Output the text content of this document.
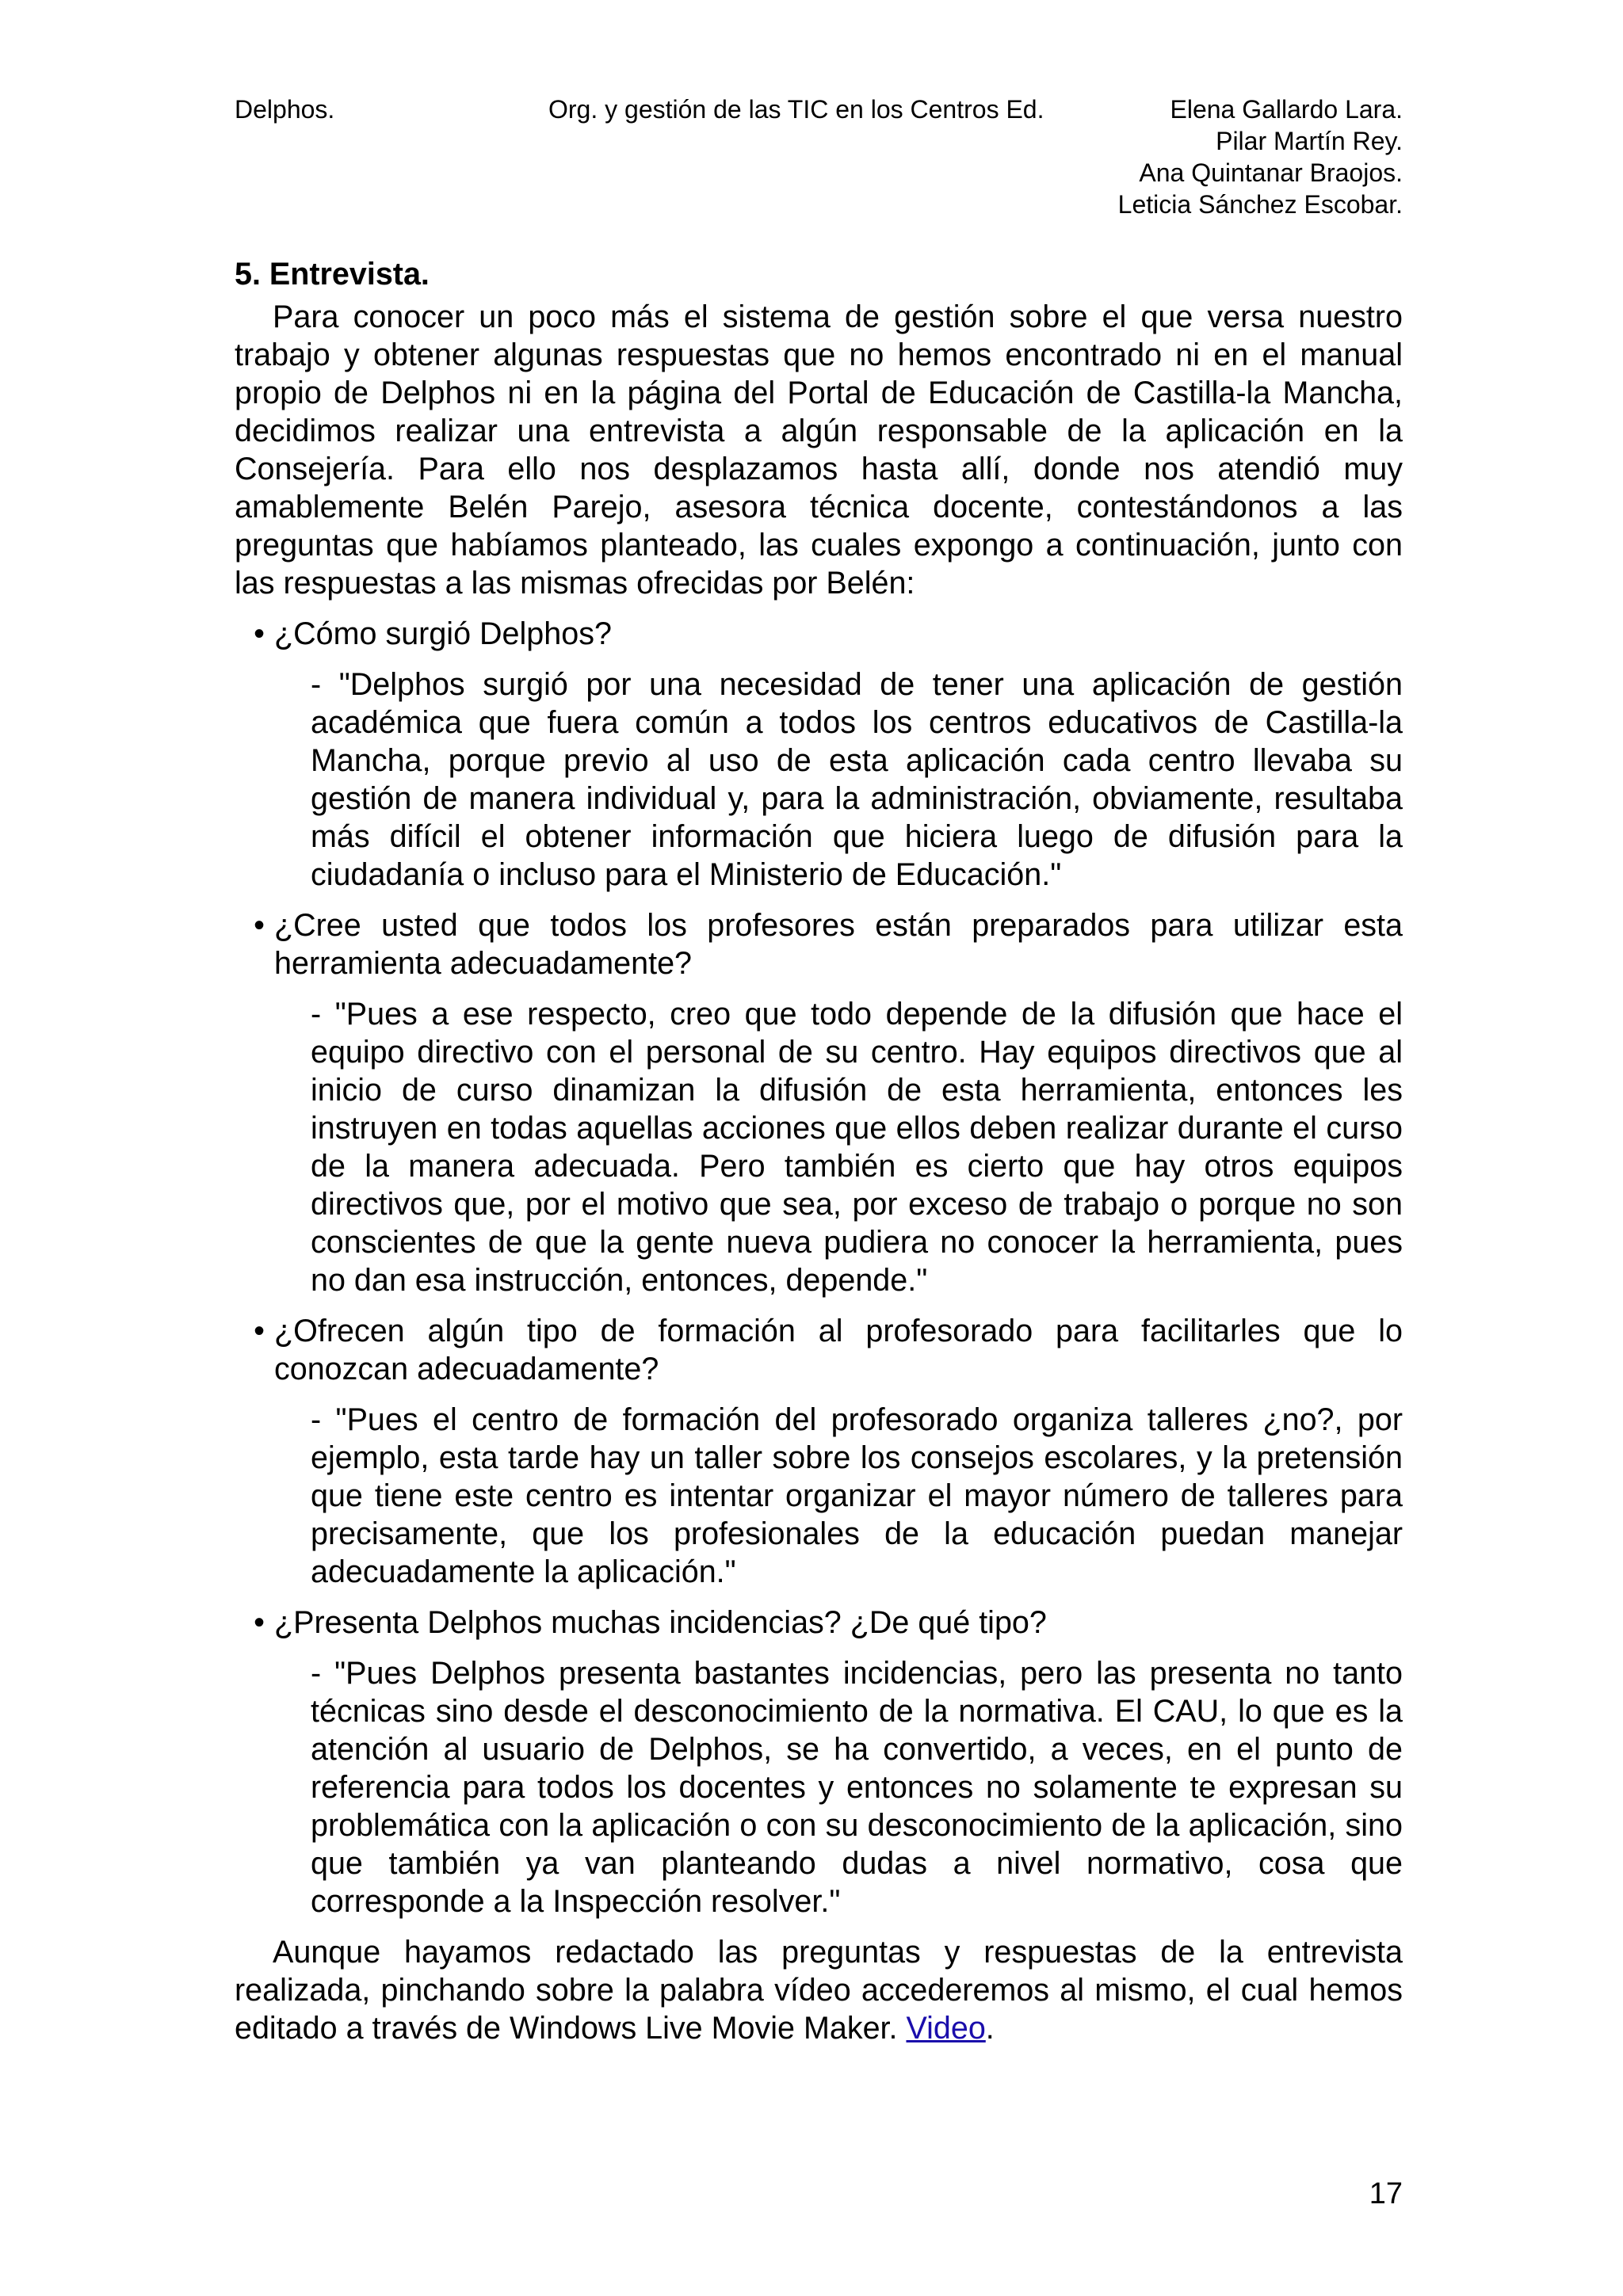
Delphos.	Org. y gestión de las TIC en los Centros Ed.	Elena Gallardo Lara.
Pilar Martín Rey.
Ana Quintanar Braojos.
Leticia Sánchez Escobar.
5. Entrevista.

Para conocer un poco más el sistema de gestión sobre el que versa nuestro trabajo y obtener algunas respuestas que no hemos encontrado ni en el manual propio de Delphos ni en la página del Portal de Educación de Castilla-la Mancha, decidimos realizar una entrevista a algún responsable de la aplicación en la Consejería. Para ello nos desplazamos hasta allí, donde nos atendió muy amablemente Belén Parejo, asesora técnica docente, contestándonos a las preguntas que habíamos planteado, las cuales expongo a continuación, junto con las respuestas a las mismas ofrecidas por Belén:

• ¿Cómo surgió Delphos?
- "Delphos surgió por una necesidad de tener una aplicación de gestión académica que fuera común a todos los centros educativos de Castilla-la Mancha, porque previo al uso de esta aplicación cada centro llevaba su gestión de manera individual y, para la administración, obviamente, resultaba más difícil el obtener información que hiciera luego de difusión para la ciudadanía o incluso para el Ministerio de Educación."
• ¿Cree usted que todos los profesores están preparados para utilizar esta herramienta adecuadamente?
- "Pues a ese respecto, creo que todo depende de la difusión que hace el equipo directivo con el personal de su centro. Hay equipos directivos que al inicio de curso dinamizan la difusión de esta herramienta, entonces les instruyen en todas aquellas acciones que ellos deben realizar durante el curso de la manera adecuada. Pero también es cierto que hay otros equipos directivos que, por el motivo que sea, por exceso de trabajo o porque no son conscientes de que la gente nueva pudiera no conocer la herramienta, pues no dan esa instrucción, entonces, depende."
• ¿Ofrecen algún tipo de formación al profesorado para facilitarles que lo conozcan adecuadamente?
- "Pues el centro de formación del profesorado organiza talleres ¿no?, por ejemplo, esta tarde hay un taller sobre los consejos escolares, y la pretensión que tiene este centro es intentar organizar el mayor número de talleres para precisamente, que los profesionales de la educación puedan manejar adecuadamente la aplicación."
• ¿Presenta Delphos muchas incidencias? ¿De qué tipo?
- "Pues Delphos presenta bastantes incidencias, pero las presenta no tanto técnicas sino desde el desconocimiento de la normativa. El CAU, lo que es la atención al usuario de Delphos, se ha convertido, a veces, en el punto de referencia para todos los docentes y entonces no solamente te expresan su problemática con la aplicación o con su desconocimiento de la aplicación, sino que también ya van planteando dudas a nivel normativo, cosa que corresponde a la Inspección resolver."

Aunque hayamos redactado las preguntas y respuestas de la entrevista realizada, pinchando sobre la palabra vídeo accederemos al mismo, el cual hemos editado a través de Windows Live Movie Maker. Video.

17
